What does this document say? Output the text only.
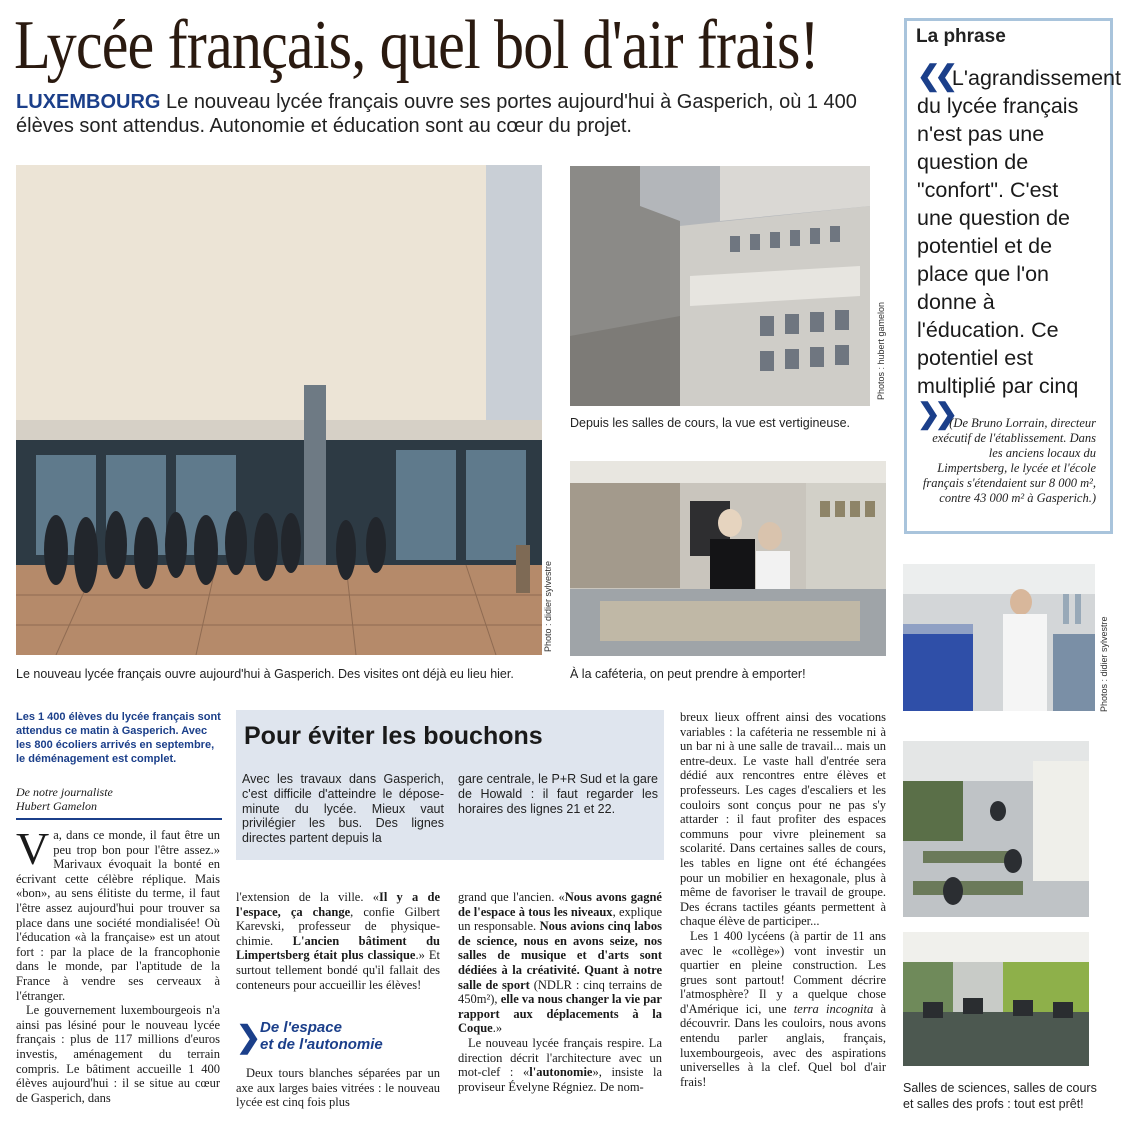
Lycée français, quel bol d'air frais!
LUXEMBOURG Le nouveau lycée français ouvre ses portes aujourd'hui à Gasperich, où 1 400 élèves sont attendus. Autonomie et éducation sont au cœur du projet.
Photo : didier sylvestre
Le nouveau lycée français ouvre aujourd'hui à Gasperich. Des visites ont déjà eu lieu hier.
Photos : hubert gamelon
Depuis les salles de cours, la vue est vertigineuse.
À la caféteria, on peut prendre à emporter!
La phrase
❮❮L'agrandissement du lycée français n'est pas une question de "confort". C'est une question de potentiel et de place que l'on donne à l'éducation. Ce potentiel est multiplié par cinq ❯❯
(De Bruno Lorrain, directeur exécutif de l'établissement. Dans les anciens locaux du Limpertsberg, le lycée et l'école français s'étendaient sur 8 000 m², contre 43 000 m² à Gasperich.)
Photos : didier sylvestre
Salles de sciences, salles de cours et salles des profs : tout est prêt!
Les 1 400 élèves du lycée français sont attendus ce matin à Gasperich. Avec les 800 écoliers arrivés en septembre, le déménagement est complet.
De notre journaliste
Hubert Gamelon

Va, dans ce monde, il faut être un peu trop bon pour l'être assez.» Marivaux évoquait la bonté en écrivant cette célèbre réplique. Mais «bon», au sens élitiste du terme, il faut l'être assez aujourd'hui pour trouver sa place dans une société mondialisée! Où l'éducation «à la française» est un atout fort : par la place de la francophonie dans le monde, par l'aptitude de la France à vendre ses cerveaux à l'étranger.

Le gouvernement luxembourgeois n'a ainsi pas lésiné pour le nouveau lycée français : plus de 117 millions d'euros investis, aménagement du terrain compris. Le bâtiment accueille 1 400 élèves aujourd'hui : il se situe au cœur de Gasperich, dans

Pour éviter les bouchons
Avec les travaux dans Gasperich, c'est difficile d'atteindre le dépose-minute du lycée. Mieux vaut privilégier les bus. Des lignes directes partent depuis la
gare centrale, le P+R Sud et la gare de Howald : il faut regarder les horaires des lignes 21 et 22.

l'extension de la ville. «Il y a de l'espace, ça change, confie Gilbert Karevski, professeur de physique-chimie. L'ancien bâtiment du Limpertsberg était plus classique.» Et surtout tellement bondé qu'il fallait des conteneurs pour accueillir les élèves!

❯
De l'espace
et de l'autonomie

Deux tours blanches séparées par un axe aux larges baies vitrées : le nouveau lycée est cinq fois plus

grand que l'ancien. «Nous avons gagné de l'espace à tous les niveaux, explique un responsable. Nous avions cinq labos de science, nous en avons seize, nos salles de musique et d'arts sont dédiées à la créativité. Quant à notre salle de sport (NDLR : cinq terrains de 450m²), elle va nous changer la vie par rapport aux déplacements à la Coque.»

Le nouveau lycée français respire. La direction décrit l'architecture avec un mot-clef : «l'autonomie», insiste la proviseur Évelyne Régniez. De nom-

breux lieux offrent ainsi des vocations variables : la caféteria ne ressemble ni à un bar ni à une salle de travail... mais un entre-deux. Le vaste hall d'entrée sera dédié aux rencontres entre élèves et professeurs. Les cages d'escaliers et les couloirs sont conçus pour ne pas s'y attarder : il faut profiter des espaces communs pour vivre pleinement sa scolarité. Dans certaines salles de cours, les tables en ligne ont été échangées pour un mobilier en hexagonale, plus à même de favoriser le travail de groupe. Des écrans tactiles géants permettent à chaque élève de participer...

Les 1 400 lycéens (à partir de 11 ans avec le «collège») vont investir un quartier en pleine construction. Les grues sont partout! Comment décrire l'atmosphère? Il y a quelque chose d'Amérique ici, une terra incognita à découvrir. Dans les couloirs, nous avons entendu parler anglais, français, luxembourgeois, avec des aspirations universelles à la clef. Quel bol d'air frais!
